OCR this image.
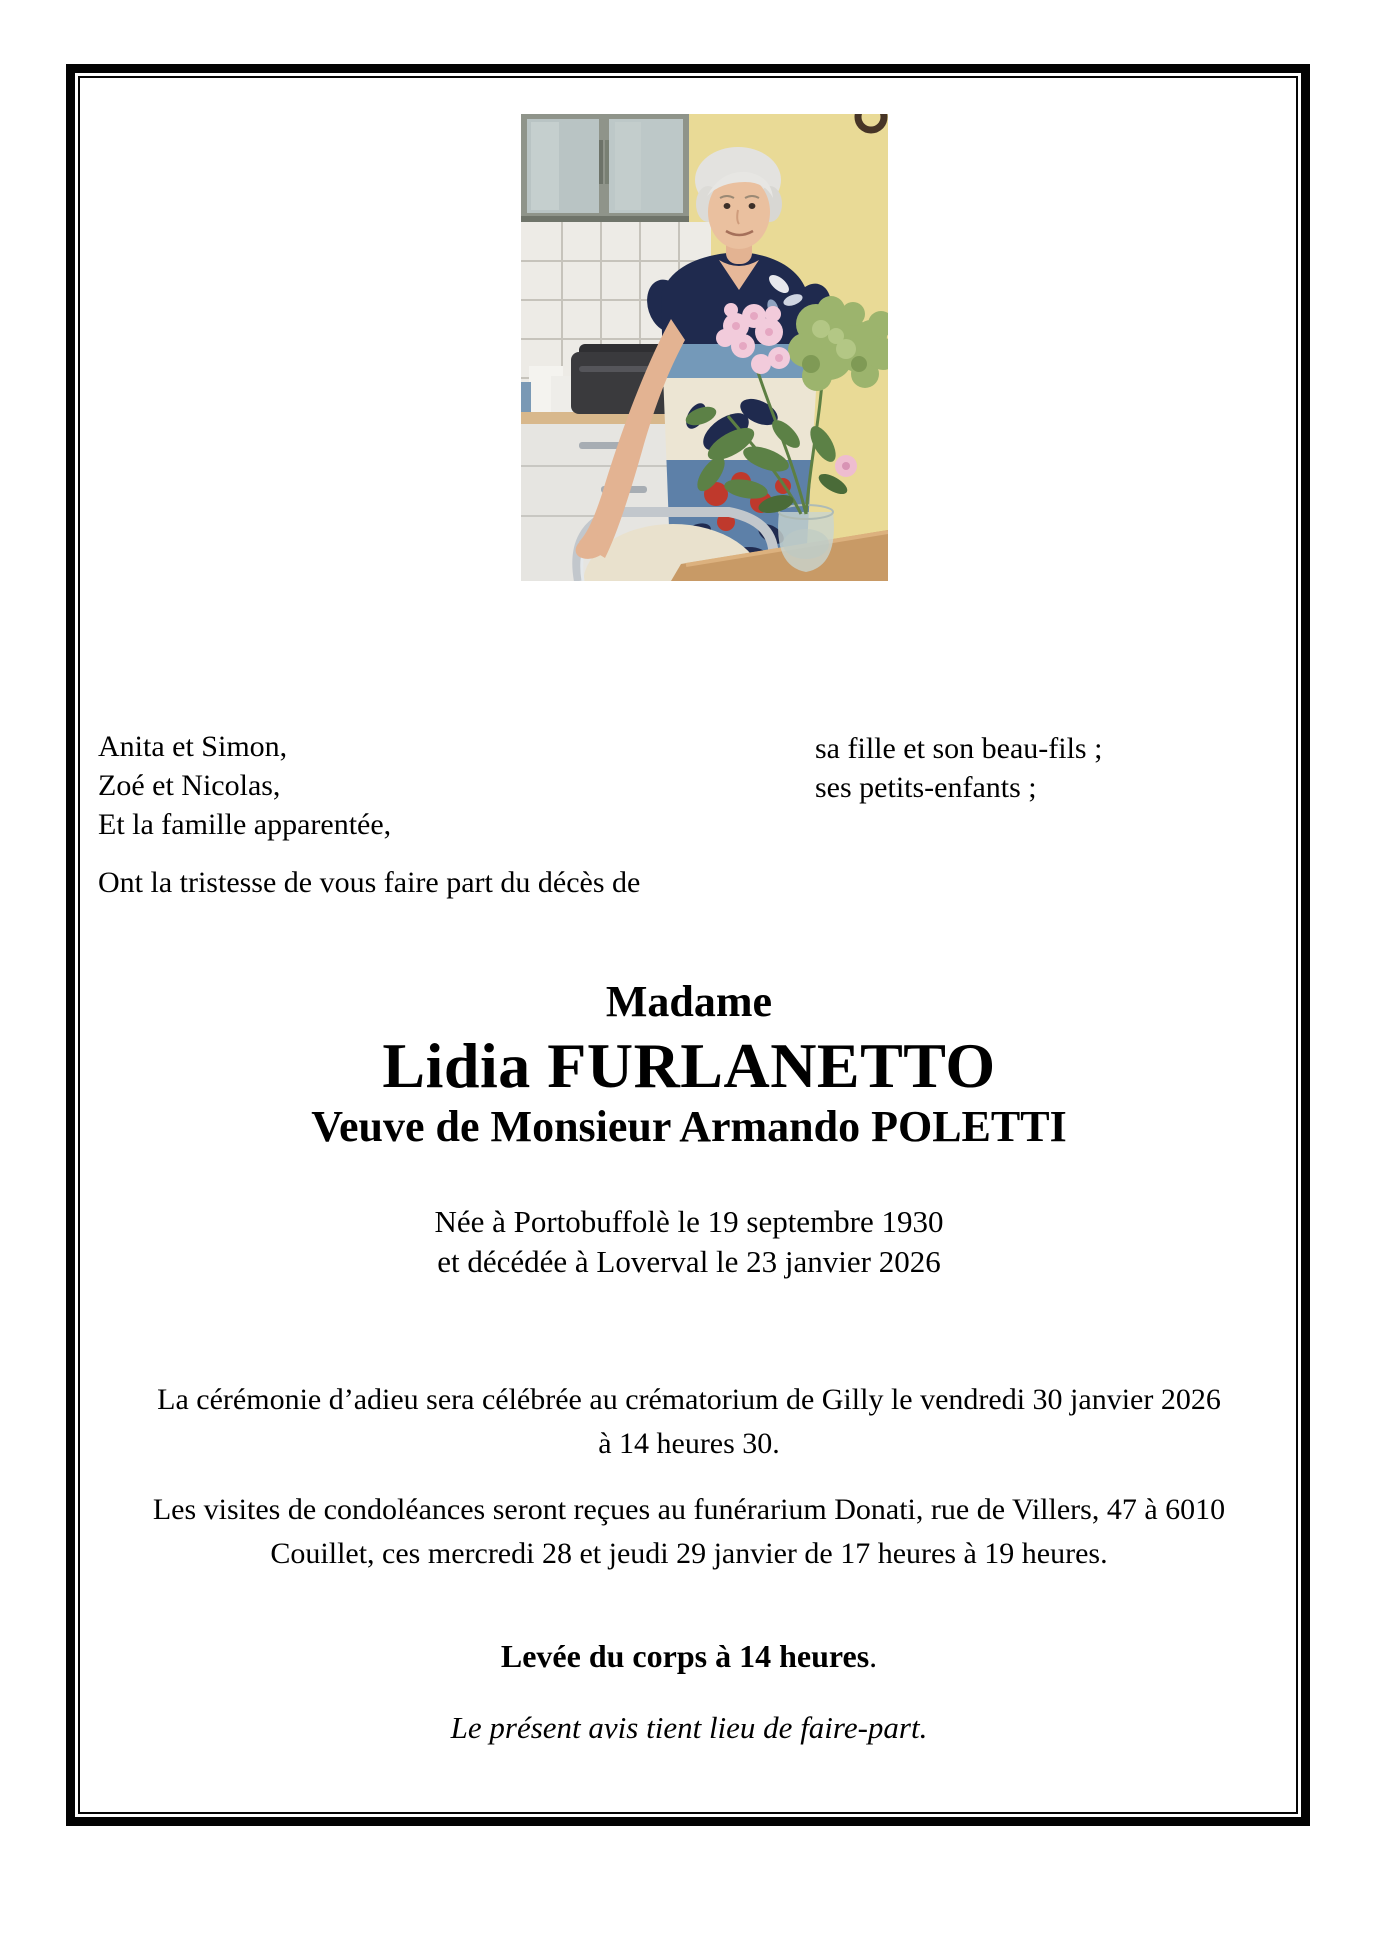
Anita et Simon,
Zoé et Nicolas,
Et la famille apparentée,
sa fille et son beau-fils ;
ses petits-enfants ;
Ont la tristesse de vous faire part du décès de
Madame
Lidia FURLANETTO
Veuve de Monsieur Armando POLETTI
Née à Portobuffolè le 19 septembre 1930
et décédée à Loverval le 23 janvier 2026
La cérémonie d’adieu sera célébrée au crématorium de Gilly le vendredi 30 janvier 2026
à 14 heures 30.
Les visites de condoléances seront reçues au funérarium Donati, rue de Villers, 47 à 6010
Couillet, ces mercredi 28 et jeudi 29 janvier de 17 heures à 19 heures.
Levée du corps à 14 heures.
Le présent avis tient lieu de faire-part.
